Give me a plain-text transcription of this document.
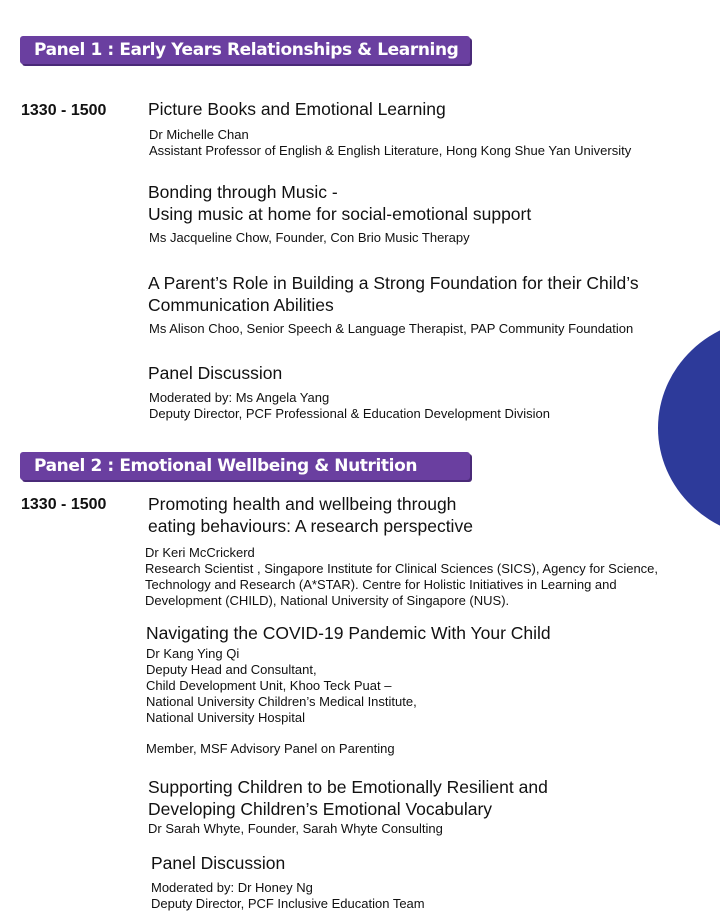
Panel 1 : Early Years Relationships & Learning
1330 - 1500 Picture Books and Emotional Learning
Dr Michelle Chan
Assistant Professor of English & English Literature, Hong Kong Shue Yan University
Bonding through Music -
Using music at home for social-emotional support
Ms Jacqueline Chow, Founder, Con Brio Music Therapy
A Parent’s Role in Building a Strong Foundation for their Child’s
Communication Abilities
Ms Alison Choo, Senior Speech & Language Therapist, PAP Community Foundation
Panel Discussion
Moderated by: Ms Angela Yang
Deputy Director, PCF Professional & Education Development Division
Panel 2 : Emotional Wellbeing & Nutrition
1330 - 1500 Promoting health and wellbeing through
eating behaviours: A research perspective
Dr Keri McCrickerd
Research Scientist , Singapore Institute for Clinical Sciences (SICS), Agency for Science,
Technology and Research (A*STAR). Centre for Holistic Initiatives in Learning and
Development (CHILD), National University of Singapore (NUS).
Navigating the COVID-19 Pandemic With Your Child
Dr Kang Ying Qi
Deputy Head and Consultant,
Child Development Unit, Khoo Teck Puat –
National University Children’s Medical Institute,
National University Hospital
Member, MSF Advisory Panel on Parenting
Supporting Children to be Emotionally Resilient and
Developing Children’s Emotional Vocabulary
Dr Sarah Whyte, Founder, Sarah Whyte Consulting
Panel Discussion
Moderated by: Dr Honey Ng
Deputy Director, PCF Inclusive Education Team
